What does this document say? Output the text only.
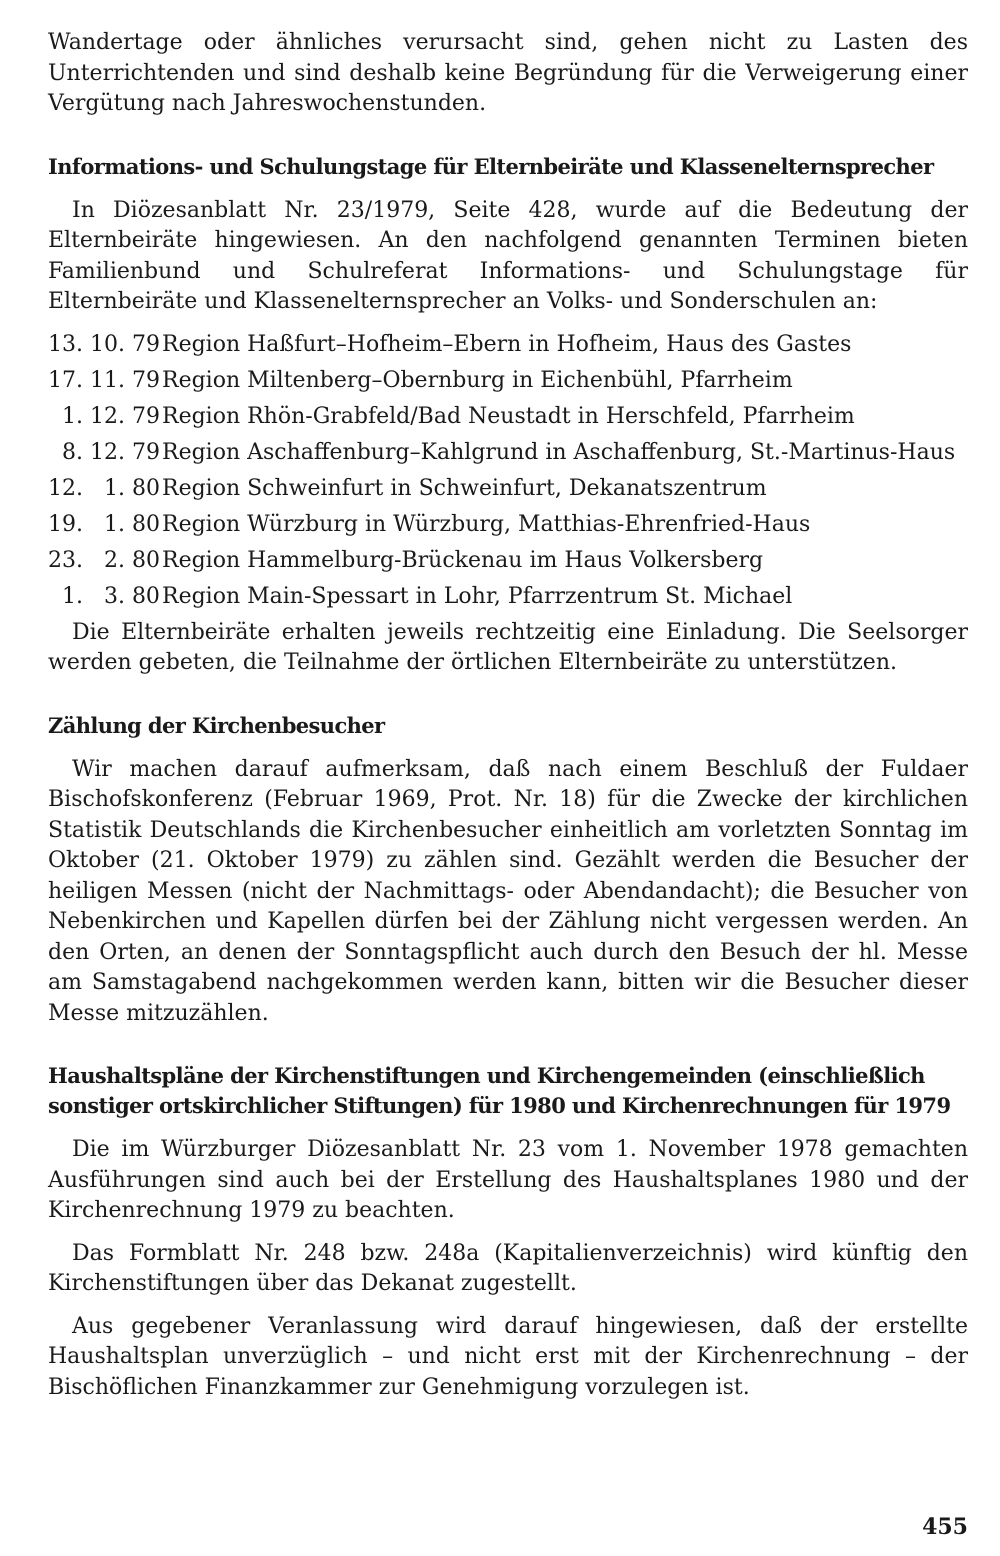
Wandertage oder ähnliches verursacht sind, gehen nicht zu Lasten des Unterrichtenden und sind deshalb keine Begründung für die Verweigerung einer Vergütung nach Jahreswochenstunden.

Informations- und Schulungstage für Elternbeiräte und Klassenelternsprecher

In Diözesanblatt Nr. 23/1979, Seite 428, wurde auf die Bedeutung der Elternbeiräte hingewiesen. An den nachfolgend genannten Terminen bieten Familienbund und Schulreferat Informations- und Schulungstage für Elternbeiräte und Klassenelternsprecher an Volks- und Sonderschulen an:

13. 10. 79 Region Haßfurt–Hofheim–Ebern in Hofheim, Haus des Gastes
17. 11. 79 Region Miltenberg–Obernburg in Eichenbühl, Pfarrheim
1. 12. 79 Region Rhön-Grabfeld/Bad Neustadt in Herschfeld, Pfarrheim
8. 12. 79 Region Aschaffenburg–Kahlgrund in Aschaffenburg, St.-Martinus-Haus
12.   1. 80 Region Schweinfurt in Schweinfurt, Dekanatszentrum
19.   1. 80 Region Würzburg in Würzburg, Matthias-Ehrenfried-Haus
23.   2. 80 Region Hammelburg-Brückenau im Haus Volkersberg
1.   3. 80 Region Main-Spessart in Lohr, Pfarrzentrum St. Michael

Die Elternbeiräte erhalten jeweils rechtzeitig eine Einladung. Die Seelsorger werden gebeten, die Teilnahme der örtlichen Elternbeiräte zu unterstützen.

Zählung der Kirchenbesucher

Wir machen darauf aufmerksam, daß nach einem Beschluß der Fuldaer Bischofskonferenz (Februar 1969, Prot. Nr. 18) für die Zwecke der kirchlichen Statistik Deutschlands die Kirchenbesucher einheitlich am vorletzten Sonntag im Oktober (21. Oktober 1979) zu zählen sind. Gezählt werden die Besucher der heiligen Messen (nicht der Nachmittags- oder Abendandacht); die Besucher von Nebenkirchen und Kapellen dürfen bei der Zählung nicht vergessen werden. An den Orten, an denen der Sonntagspflicht auch durch den Besuch der hl. Messe am Samstagabend nachgekommen werden kann, bitten wir die Besucher dieser Messe mitzuzählen.

Haushaltspläne der Kirchenstiftungen und Kirchengemeinden (einschließlich sonstiger ortskirchlicher Stiftungen) für 1980 und Kirchenrechnungen für 1979

Die im Würzburger Diözesanblatt Nr. 23 vom 1. November 1978 gemachten Ausführungen sind auch bei der Erstellung des Haushaltsplanes 1980 und der Kirchenrechnung 1979 zu beachten.

Das Formblatt Nr. 248 bzw. 248a (Kapitalienverzeichnis) wird künftig den Kirchenstiftungen über das Dekanat zugestellt.

Aus gegebener Veranlassung wird darauf hingewiesen, daß der erstellte Haushaltsplan unverzüglich – und nicht erst mit der Kirchenrechnung – der Bischöflichen Finanzkammer zur Genehmigung vorzulegen ist.

455
